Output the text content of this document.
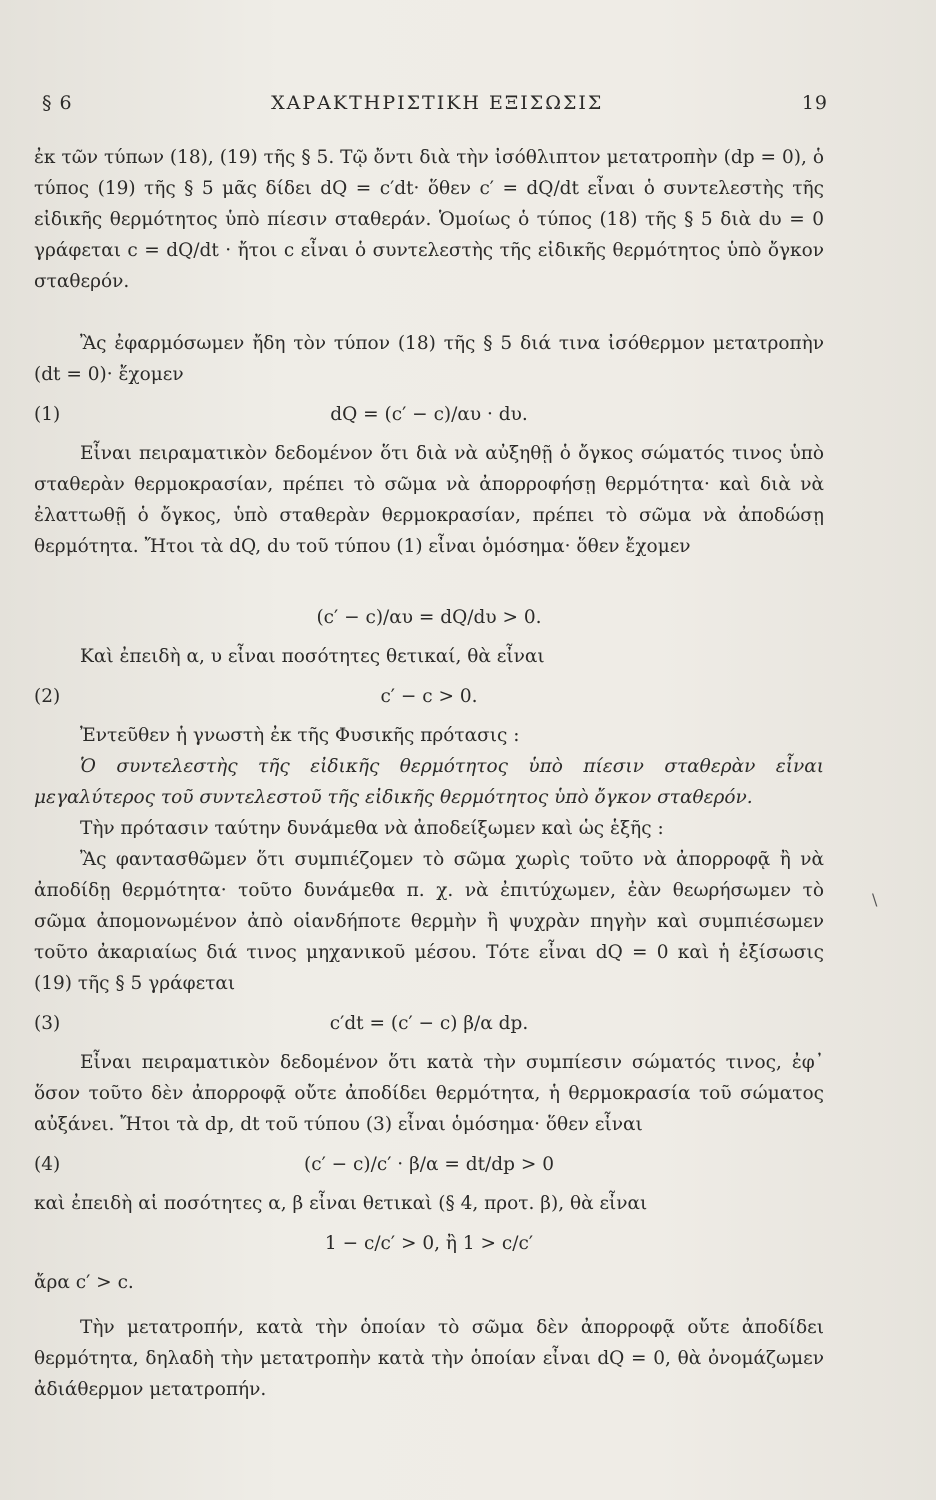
§ 6	ΧΑΡΑΚΤΗΡΙΣΤΙΚΗ ΕΞΙΣΩΣΙΣ	19

ἐκ τῶν τύπων (18), (19) τῆς § 5. Τῷ ὄντι διὰ τὴν ἰσόθλιπτον μετατροπὴν (dp = 0), ὁ τύπος (19) τῆς § 5 μᾶς δίδει dQ = c′dt· ὅθεν c′ = dQ/dt εἶναι ὁ συντελεστὴς τῆς εἰδικῆς θερμότητος ὑπὸ πίεσιν σταθεράν. Ὁμοίως ὁ τύπος (18) τῆς § 5 διὰ dυ = 0 γράφεται c = dQ/dt · ἤτοι c εἶναι ὁ συντελεστὴς τῆς εἰδικῆς θερμότητος ὑπὸ ὄγκον σταθερόν.

Ἂς ἐφαρμόσωμεν ἤδη τὸν τύπον (18) τῆς § 5 διά τινα ἰσόθερμον μετατροπὴν (dt = 0)· ἔχομεν

(1)	dQ = (c′ − c)/αυ · dυ.

Εἶναι πειραματικὸν δεδομένον ὅτι διὰ νὰ αὐξηθῇ ὁ ὄγκος σώματός τινος ὑπὸ σταθερὰν θερμοκρασίαν, πρέπει τὸ σῶμα νὰ ἀπορροφήσῃ θερμότητα· καὶ διὰ νὰ ἐλαττωθῇ ὁ ὄγκος, ὑπὸ σταθερὰν θερμοκρασίαν, πρέπει τὸ σῶμα νὰ ἀποδώσῃ θερμότητα. Ἤτοι τὰ dQ, dυ τοῦ τύπου (1) εἶναι ὁμόσημα· ὅθεν ἔχομεν

(c′ − c)/αυ = dQ/dυ > 0.

Καὶ ἐπειδὴ α, υ εἶναι ποσότητες θετικαί, θὰ εἶναι

(2)	c′ − c > 0.

Ἐντεῦθεν ἡ γνωστὴ ἐκ τῆς Φυσικῆς πρότασις :

Ὁ συντελεστὴς τῆς εἰδικῆς θερμότητος ὑπὸ πίεσιν σταθερὰν εἶναι μεγαλύτερος τοῦ συντελεστοῦ τῆς εἰδικῆς θερμότητος ὑπὸ ὄγκον σταθερόν.

Τὴν πρότασιν ταύτην δυνάμεθα νὰ ἀποδείξωμεν καὶ ὡς ἑξῆς :

Ἂς φαντασθῶμεν ὅτι συμπιέζομεν τὸ σῶμα χωρὶς τοῦτο νὰ ἀπορροφᾷ ἢ νὰ ἀποδίδῃ θερμότητα· τοῦτο δυνάμεθα π. χ. νὰ ἐπιτύχωμεν, ἐὰν θεωρήσωμεν τὸ σῶμα ἀπομονωμένον ἀπὸ οἱανδήποτε θερμὴν ἢ ψυχρὰν πηγὴν καὶ συμπιέσωμεν τοῦτο ἀκαριαίως διά τινος μηχανικοῦ μέσου. Τότε εἶναι dQ = 0 καὶ ἡ ἐξίσωσις (19) τῆς § 5 γράφεται

(3)	c′dt = (c′ − c) β/α dp.

Εἶναι πειραματικὸν δεδομένον ὅτι κατὰ τὴν συμπίεσιν σώματός τινος, ἐφ᾽ ὅσον τοῦτο δὲν ἀπορροφᾷ οὔτε ἀποδίδει θερμότητα, ἡ θερμοκρασία τοῦ σώματος αὐξάνει. Ἤτοι τὰ dp, dt τοῦ τύπου (3) εἶναι ὁμόσημα· ὅθεν εἶναι

(4)	(c′ − c)/c′ · β/α = dt/dp > 0

καὶ ἐπειδὴ αἱ ποσότητες α, β εἶναι θετικαὶ (§ 4, προτ. β), θὰ εἶναι

1 − c/c′ > 0, ἢ 1 > c/c′

ἄρα c′ > c.

Τὴν μετατροπήν, κατὰ τὴν ὁποίαν τὸ σῶμα δὲν ἀπορροφᾷ οὔτε ἀποδίδει θερμότητα, δηλαδὴ τὴν μετατροπὴν κατὰ τὴν ὁποίαν εἶναι dQ = 0, θὰ ὀνομάζωμεν ἀδιάθερμον μετατροπήν.

\
